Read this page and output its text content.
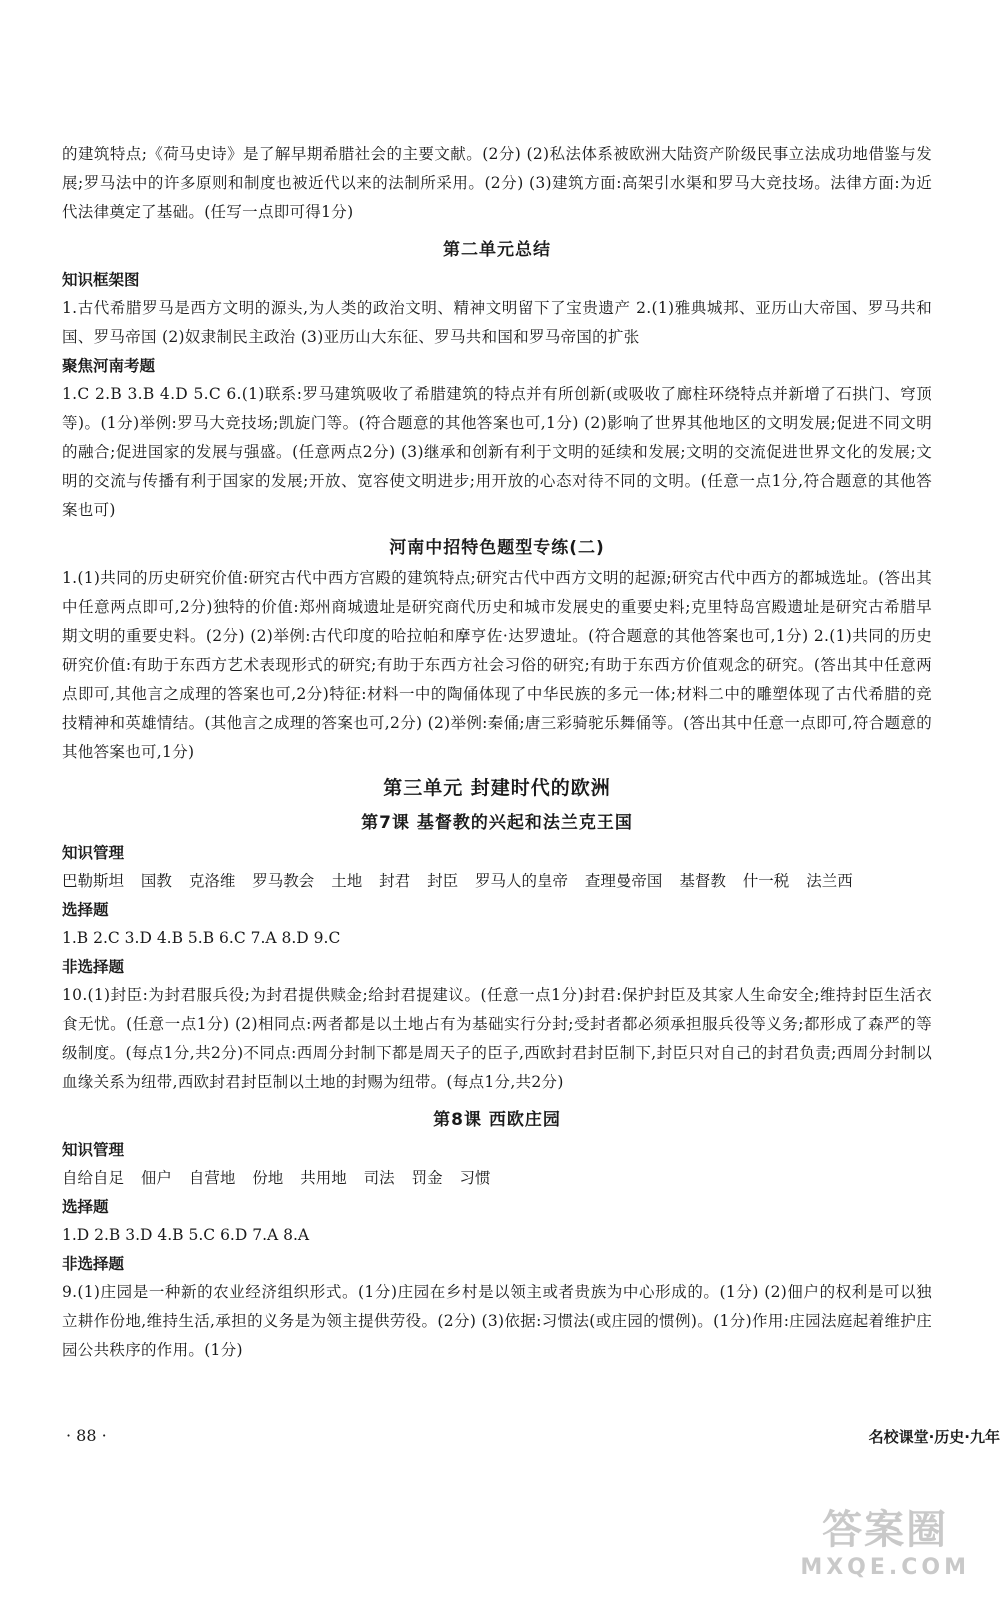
的建筑特点;《荷马史诗》是了解早期希腊社会的主要文献。(2分) (2)私法体系被欧洲大陆资产阶级民事立法成功地借鉴与发展;罗马法中的许多原则和制度也被近代以来的法制所采用。(2分) (3)建筑方面:高架引水渠和罗马大竞技场。法律方面:为近代法律奠定了基础。(任写一点即可得1分)

第二单元总结

知识框架图

1.古代希腊罗马是西方文明的源头,为人类的政治文明、精神文明留下了宝贵遗产 2.(1)雅典城邦、亚历山大帝国、罗马共和国、罗马帝国 (2)奴隶制民主政治 (3)亚历山大东征、罗马共和国和罗马帝国的扩张

聚焦河南考题

1.C 2.B 3.B 4.D 5.C 6.(1)联系:罗马建筑吸收了希腊建筑的特点并有所创新(或吸收了廊柱环绕特点并新增了石拱门、穹顶等)。(1分)举例:罗马大竞技场;凯旋门等。(符合题意的其他答案也可,1分) (2)影响了世界其他地区的文明发展;促进不同文明的融合;促进国家的发展与强盛。(任意两点2分) (3)继承和创新有利于文明的延续和发展;文明的交流促进世界文化的发展;文明的交流与传播有利于国家的发展;开放、宽容使文明进步;用开放的心态对待不同的文明。(任意一点1分,符合题意的其他答案也可)

河南中招特色题型专练(二)

1.(1)共同的历史研究价值:研究古代中西方宫殿的建筑特点;研究古代中西方文明的起源;研究古代中西方的都城选址。(答出其中任意两点即可,2分)独特的价值:郑州商城遗址是研究商代历史和城市发展史的重要史料;克里特岛宫殿遗址是研究古希腊早期文明的重要史料。(2分) (2)举例:古代印度的哈拉帕和摩亨佐·达罗遗址。(符合题意的其他答案也可,1分) 2.(1)共同的历史研究价值:有助于东西方艺术表现形式的研究;有助于东西方社会习俗的研究;有助于东西方价值观念的研究。(答出其中任意两点即可,其他言之成理的答案也可,2分)特征:材料一中的陶俑体现了中华民族的多元一体;材料二中的雕塑体现了古代希腊的竞技精神和英雄情结。(其他言之成理的答案也可,2分) (2)举例:秦俑;唐三彩骑驼乐舞俑等。(答出其中任意一点即可,符合题意的其他答案也可,1分)

第三单元 封建时代的欧洲
第7课 基督教的兴起和法兰克王国

知识管理

巴勒斯坦 国教 克洛维 罗马教会 土地 封君 封臣 罗马人的皇帝 查理曼帝国 基督教 什一税 法兰西

选择题

1.B 2.C 3.D 4.B 5.B 6.C 7.A 8.D 9.C

非选择题

10.(1)封臣:为封君服兵役;为封君提供赎金;给封君提建议。(任意一点1分)封君:保护封臣及其家人生命安全;维持封臣生活衣食无忧。(任意一点1分) (2)相同点:两者都是以土地占有为基础实行分封;受封者都必须承担服兵役等义务;都形成了森严的等级制度。(每点1分,共2分)不同点:西周分封制下都是周天子的臣子,西欧封君封臣制下,封臣只对自己的封君负责;西周分封制以血缘关系为纽带,西欧封君封臣制以土地的封赐为纽带。(每点1分,共2分)

第8课 西欧庄园

知识管理

自给自足 佃户 自营地 份地 共用地 司法 罚金 习惯

选择题

1.D 2.B 3.D 4.B 5.C 6.D 7.A 8.A

非选择题

9.(1)庄园是一种新的农业经济组织形式。(1分)庄园在乡村是以领主或者贵族为中心形成的。(1分) (2)佃户的权利是可以独立耕作份地,维持生活,承担的义务是为领主提供劳役。(2分) (3)依据:习惯法(或庄园的惯例)。(1分)作用:庄园法庭起着维护庄园公共秩序的作用。(1分)

· 88 ·	名校课堂·历史·九年
答案圈
MXQE.COM
